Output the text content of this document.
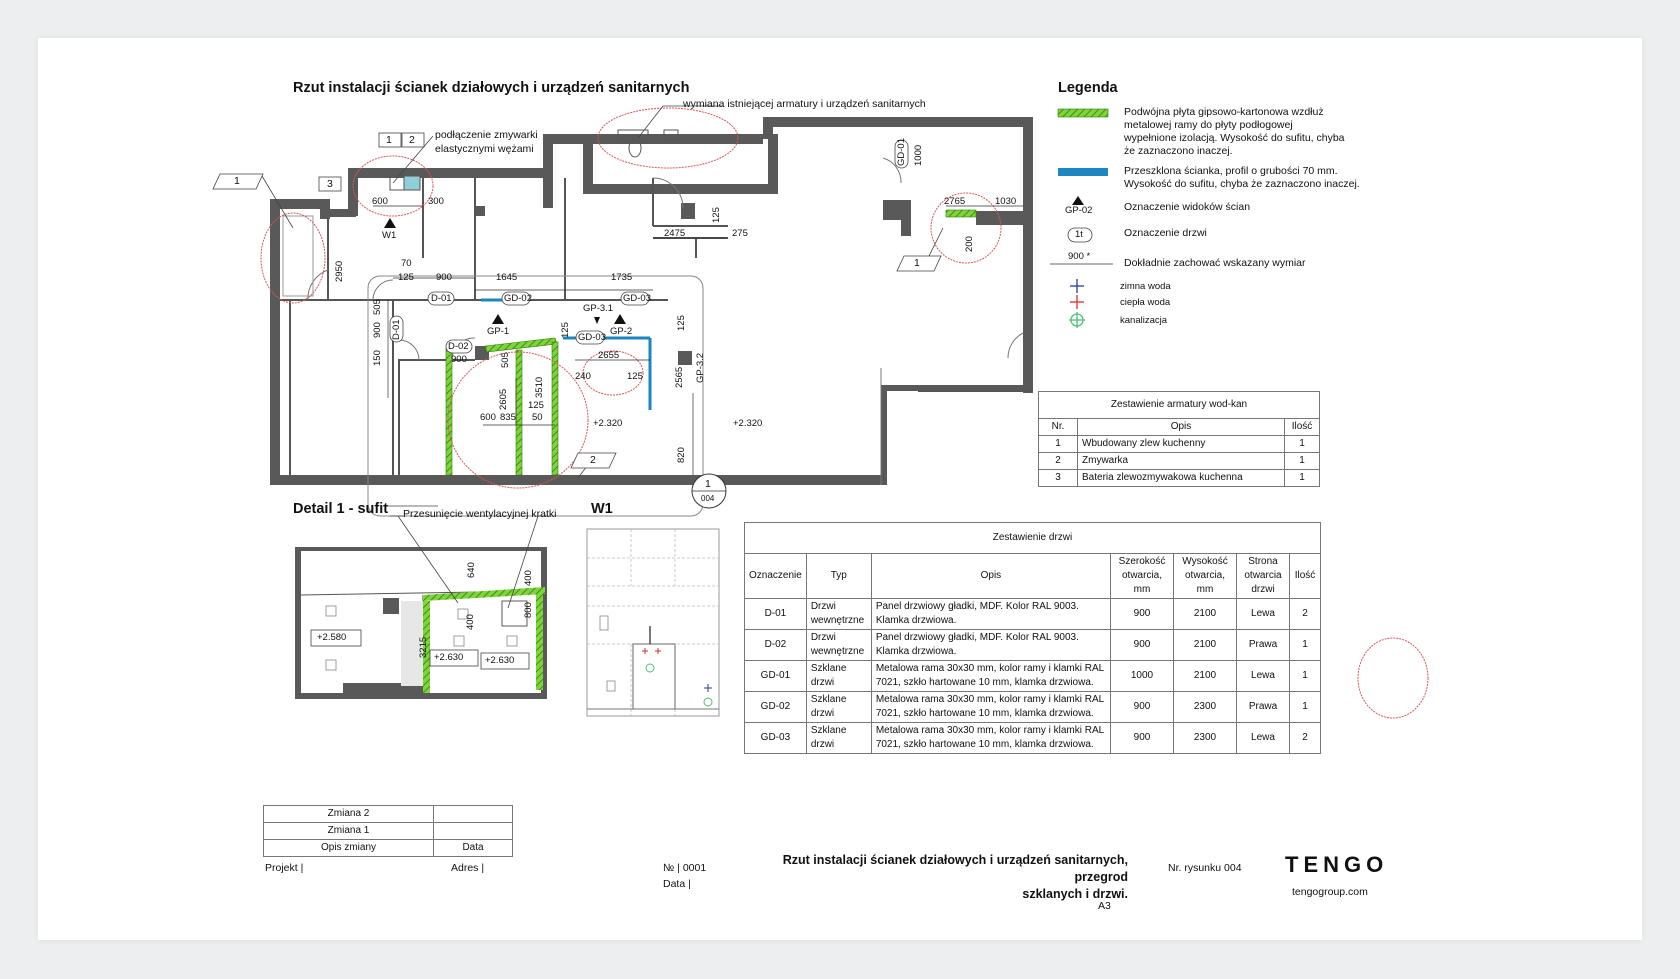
Rzut instalacji ścianek działowych i urządzeń sanitarnych
wymiana istniejącej armatury i urządzeń sanitarnych
podłączenie zmywarki
elastycznymi wężami
1 2
3
1
1
2
W1
GP-1
GP-3.1
GP-2
GP-3.2
D-01
D-01
D-02
GD-02	GD-03
GD-03
GD-01
600	300
2950	70
125 900	1645	1735
505
900
150	900	505
125
2655
240	125
2605
3510
125
600 835 50
2565
820
125
2475	275
125
1000
2765	1030
200
+2.320	+2.320
1
004
Legenda
Podwójna płyta gipsowo-kartonowa wzdłuż
metalowej ramy do płyty podłogowej
wypełnione izolacją. Wysokość do sufitu, chyba
że zaznaczono inaczej.
Przeszklona ścianka, profil o grubości 70 mm.
Wysokość do sufitu, chyba że zaznaczono inaczej.
GP-02	Oznaczenie widoków ścian
1t	Oznaczenie drzwi
900 *
Dokładnie zachować wskazany wymiar
zimna woda
ciepła woda
kanalizacja
Zestawienie armatury wod-kan		
Nr.	Opis	Ilość
1	Wbudowany zlew kuchenny	1
2	Zmywarka	1
3	Bateria zlewozmywakowa kuchenna	1
Detail 1 - sufit Przesunięcie wentylacyjnej kratki
+2.580
+2.630 +2.630
640
400
400
800
3215
W1
Zestawienie drzwi						
Oznaczenie	Typ	Opis	Szerokość otwarcia, mm	Wysokość otwarcia, mm	Strona otwarcia drzwi	Ilość
D-01	Drzwi wewnętrzne	Panel drzwiowy gładki, MDF. Kolor RAL 9003. Klamka drzwiowa.	900	2100	Lewa	2
D-02	Drzwi wewnętrzne	Panel drzwiowy gładki, MDF. Kolor RAL 9003. Klamka drzwiowa.	900	2100	Prawa	1
GD-01	Szklane drzwi	Metalowa rama 30x30 mm, kolor ramy i klamki RAL 7021, szkło hartowane 10 mm, klamka drzwiowa.	1000	2100	Lewa	1
GD-02	Szklane drzwi	Metalowa rama 30x30 mm, kolor ramy i klamki RAL 7021, szkło hartowane 10 mm, klamka drzwiowa.	900	2300	Prawa	1
GD-03	Szklane drzwi	Metalowa rama 30x30 mm, kolor ramy i klamki RAL 7021, szkło hartowane 10 mm, klamka drzwiowa.	900	2300	Lewa	2
Zmiana 2	
Zmiana 1	
Opis zmiany	Data
Projekt |	Adres |	№ | 0001
Data |
Rzut instalacji ścianek działowych i urządzeń sanitarnych, przegrod
szklanych i drzwi.
Nr. rysunku 004
A3
TENGO
tengogroup.com
